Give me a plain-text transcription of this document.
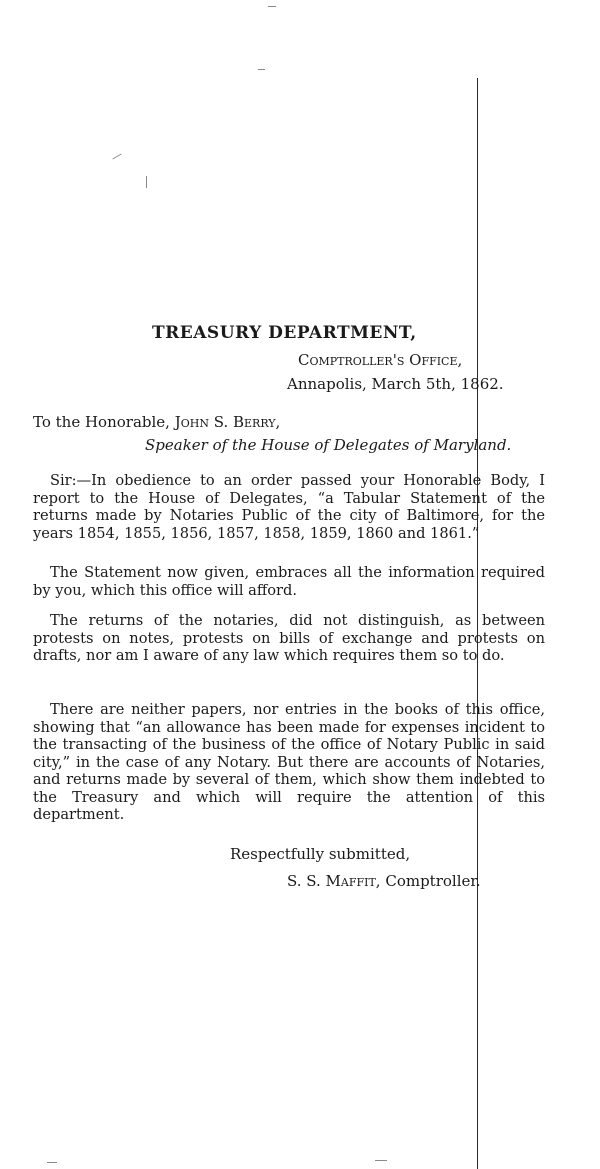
TREASURY DEPARTMENT,
Comptroller's Office,
Annapolis, March 5th, 1862.
To the Honorable, John S. Berry,
Speaker of the House of Delegates of Maryland.

Sir:—In obedience to an order passed your Honorable Body, I report to the House of Delegates, “a Tabular Statement of the returns made by Notaries Public of the city of Baltimore, for the years 1854, 1855, 1856, 1857, 1858, 1859, 1860 and 1861.”

The Statement now given, embraces all the information required by you, which this office will afford.

The returns of the notaries, did not distinguish, as between protests on notes, protests on bills of exchange and protests on drafts, nor am I aware of any law which requires them so to do.

There are neither papers, nor entries in the books of this office, showing that “an allowance has been made for expenses incident to the transacting of the business of the office of Notary Public in said city,” in the case of any Notary. But there are accounts of Notaries, and returns made by several of them, which show them indebted to the Treasury and which will require the attention of this department.

Respectfully submitted,
S. S. Maffit, Comptroller.
